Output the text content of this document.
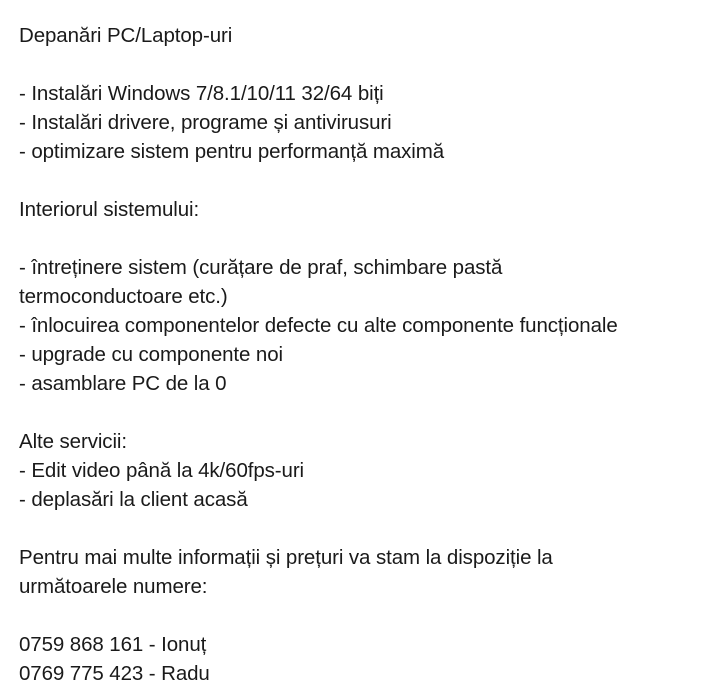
Depanări PC/Laptop-uri
- Instalări Windows 7/8.1/10/11 32/64 biți
- Instalări drivere, programe și antivirusuri
- optimizare sistem pentru performanță maximă
Interiorul sistemului:
- întreținere sistem (curățare de praf, schimbare pastă
termoconductoare etc.)
- înlocuirea componentelor defecte cu alte componente funcționale
- upgrade cu componente noi
- asamblare PC de la 0
Alte servicii:
- Edit video până la 4k/60fps-uri
- deplasări la client acasă
Pentru mai multe informații și prețuri va stam la dispoziție la
următoarele numere:
0759 868 161 - Ionuț
0769 775 423 - Radu
